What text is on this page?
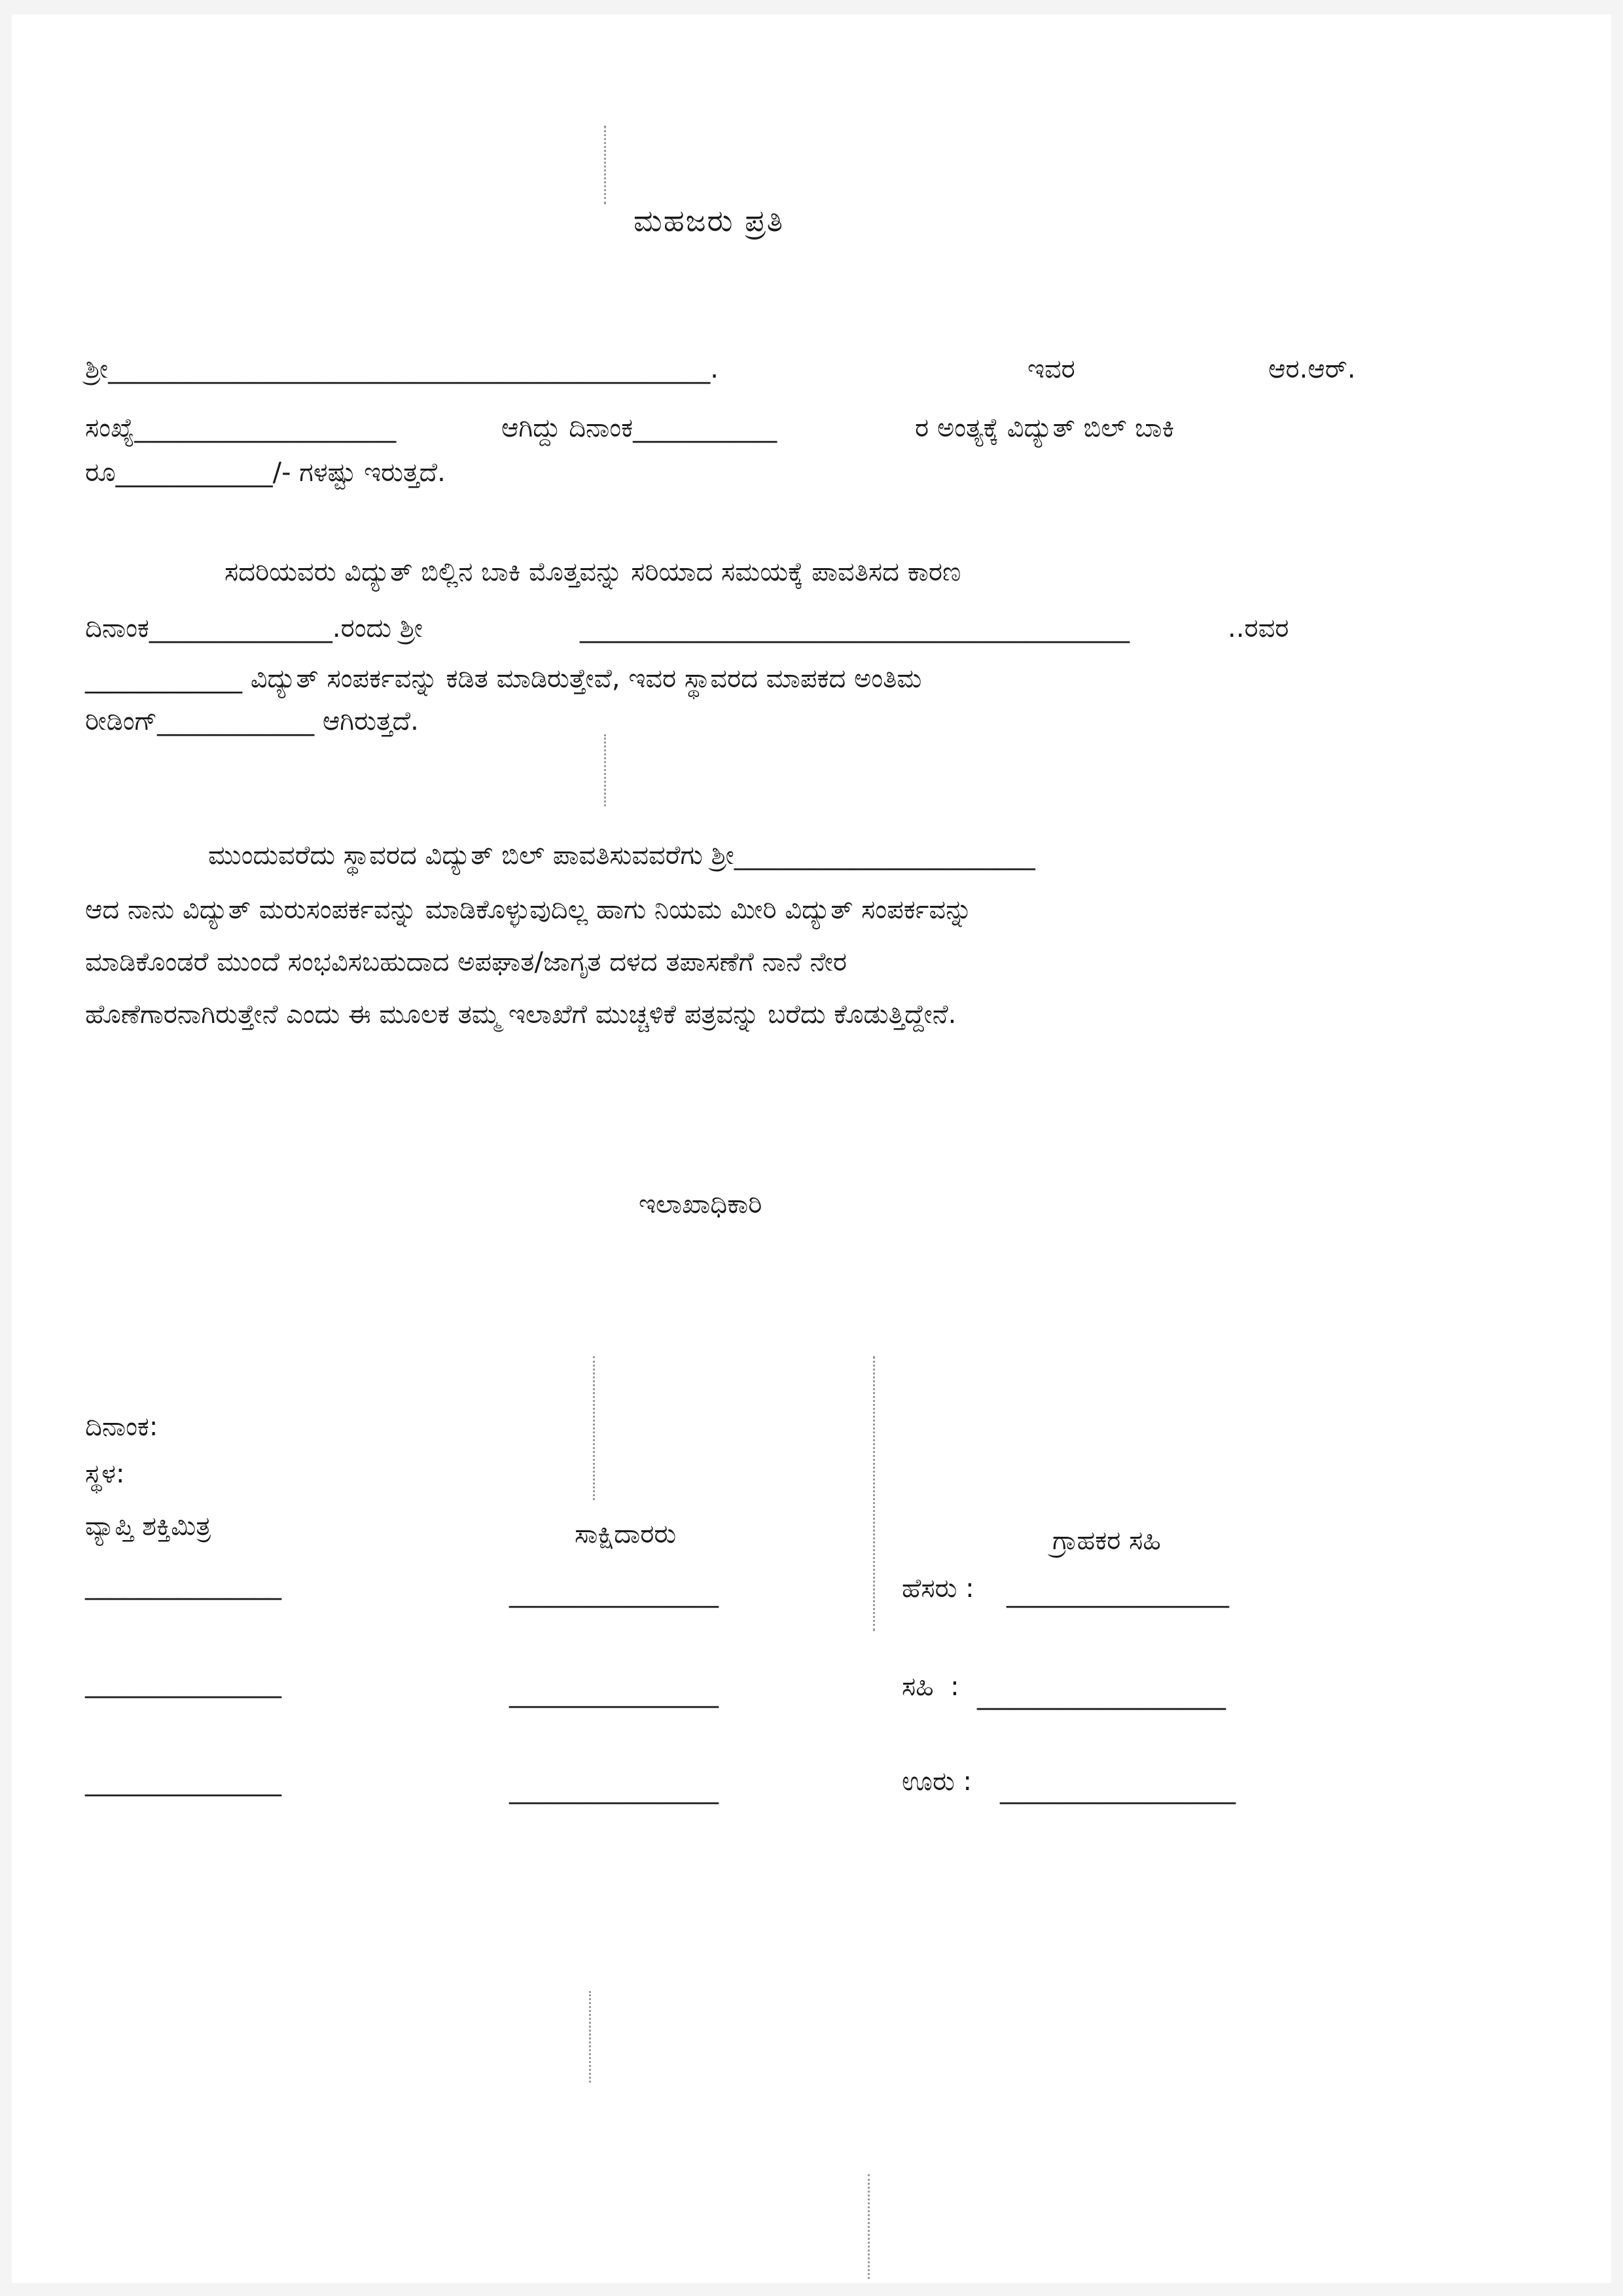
ಮಹಜರು ಪ್ರತಿ
ಶ್ರೀ______________________________________________.	ಇವರ	ಆರ.ಆರ್.
ಸಂಖ್ಯೆ____________________	ಆಗಿದ್ದು ದಿನಾಂಕ___________	ರ ಅಂತ್ಯಕ್ಕೆ ವಿದ್ಯುತ್ ಬಿಲ್ ಬಾಕಿ
ರೂ____________/- ಗಳಷ್ಟು ಇರುತ್ತದೆ.
ಸದರಿಯವರು ವಿದ್ಯುತ್ ಬಿಲ್ಲಿನ ಬಾಕಿ ಮೊತ್ತವನ್ನು ಸರಿಯಾದ ಸಮಯಕ್ಕೆ ಪಾವತಿಸದ ಕಾರಣ
ದಿನಾಂಕ______________.ರಂದು ಶ್ರೀ	__________________________________________	..ರವರ
____________ ವಿದ್ಯುತ್ ಸಂಪರ್ಕವನ್ನು ಕಡಿತ ಮಾಡಿರುತ್ತೇವೆ, ಇವರ ಸ್ಥಾವರದ ಮಾಪಕದ ಅಂತಿಮ
ರೀಡಿಂಗ್____________ ಆಗಿರುತ್ತದೆ.
ಮುಂದುವರೆದು ಸ್ಥಾವರದ ವಿದ್ಯುತ್ ಬಿಲ್ ಪಾವತಿಸುವವರೆಗು ಶ್ರೀ_______________________
ಆದ ನಾನು ವಿದ್ಯುತ್ ಮರುಸಂಪರ್ಕವನ್ನು ಮಾಡಿಕೊಳ್ಳುವುದಿಲ್ಲ ಹಾಗು ನಿಯಮ ಮೀರಿ ವಿದ್ಯುತ್ ಸಂಪರ್ಕವನ್ನು
ಮಾಡಿಕೊಂಡರೆ ಮುಂದೆ ಸಂಭವಿಸಬಹುದಾದ ಅಪಘಾತ/ಜಾಗೃತ ದಳದ ತಪಾಸಣೆಗೆ ನಾನೆ ನೇರ
ಹೊಣೆಗಾರನಾಗಿರುತ್ತೇನೆ ಎಂದು ಈ ಮೂಲಕ ತಮ್ಮ ಇಲಾಖೆಗೆ ಮುಚ್ಚಳಿಕೆ ಪತ್ರವನ್ನು ಬರೆದು ಕೊಡುತ್ತಿದ್ದೇನೆ.
ಇಲಾಖಾಧಿಕಾರಿ
ದಿನಾಂಕ:
ಸ್ಥಳ:
ವ್ಯಾಪ್ತಿ ಶಕ್ತಿಮಿತ್ರ
_______________
_______________
_______________
ಸಾಕ್ಷಿದಾರರು
________________
________________
________________
ಗ್ರಾಹಕರ ಸಹಿ
ಹೆಸರು : _________________
ಸಹಿ  : ___________________
ಊರು : __________________
